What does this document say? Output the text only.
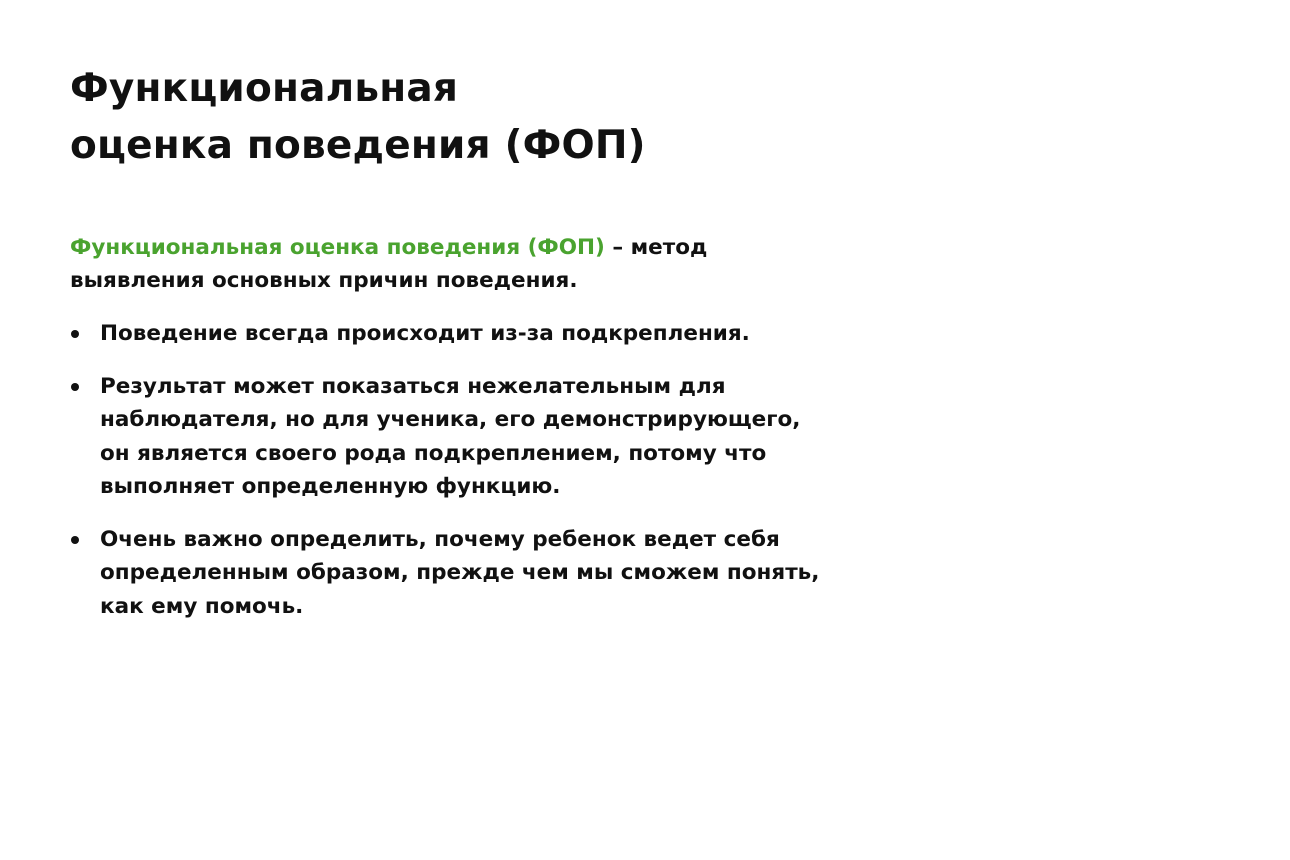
Функциональная
оценка поведения (ФОП)

Функциональная оценка поведения (ФОП) – метод выявления основных причин поведения.

Поведение всегда происходит из-за подкрепления.
Результат может показаться нежелательным для наблюдателя, но для ученика, его демонстрирующего, он является своего рода подкреплением, потому что выполняет определенную функцию.
Очень важно определить, почему ребенок ведет себя определенным образом, прежде чем мы сможем понять, как ему помочь.
